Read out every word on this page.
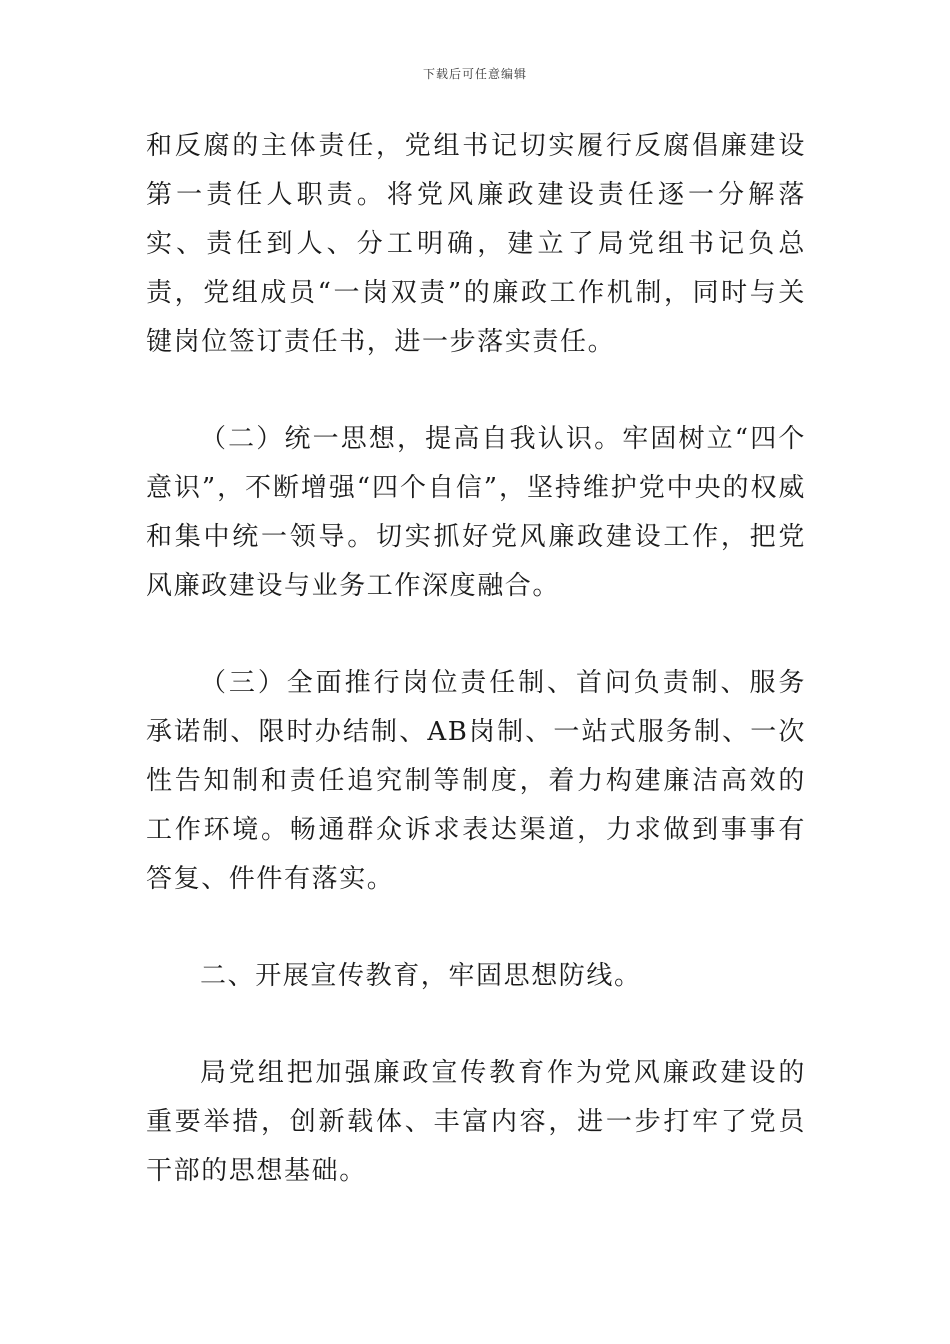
下载后可任意编辑

和反腐的主体责任，党组书记切实履行反腐倡廉建设第一责任人职责。将党风廉政建设责任逐一分解落实、责任到人、分工明确，建立了局党组书记负总责，党组成员“一岗双责”的廉政工作机制，同时与关键岗位签订责任书，进一步落实责任。

（二）统一思想，提高自我认识。牢固树立“四个意识”，不断增强“四个自信”，坚持维护党中央的权威和集中统一领导。切实抓好党风廉政建设工作，把党风廉政建设与业务工作深度融合。

（三）全面推行岗位责任制、首问负责制、服务承诺制、限时办结制、AB岗制、一站式服务制、一次性告知制和责任追究制等制度，着力构建廉洁高效的工作环境。畅通群众诉求表达渠道，力求做到事事有答复、件件有落实。

二、开展宣传教育，牢固思想防线。

局党组把加强廉政宣传教育作为党风廉政建设的重要举措，创新载体、丰富内容，进一步打牢了党员干部的思想基础。
